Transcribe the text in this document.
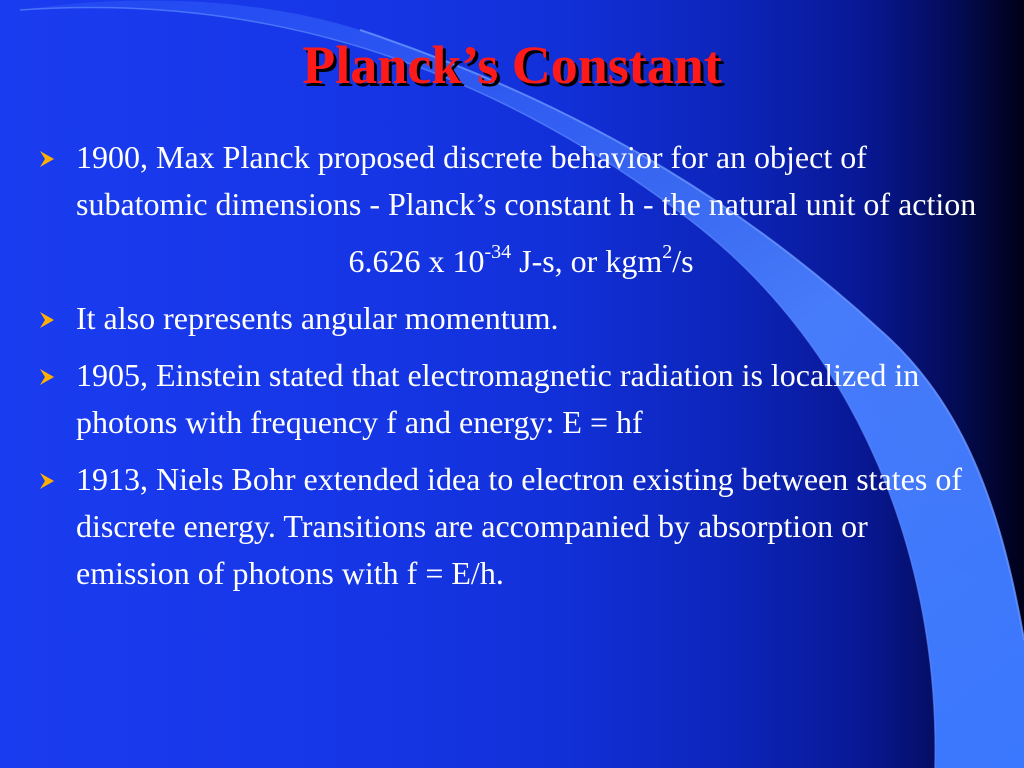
Planck’s Constant
1900, Max Planck proposed discrete behavior for an object of subatomic dimensions - Planck’s constant h - the natural unit of action
6.626 x $10^{-34}$ J-s, or kgm$^2$/s
It also represents angular momentum.
1905, Einstein stated that electromagnetic radiation is localized in photons with frequency f and energy: E = hf
1913, Niels Bohr extended idea to electron existing between states of discrete energy. Transitions are accompanied by absorption or emission of photons with f = E/h.
